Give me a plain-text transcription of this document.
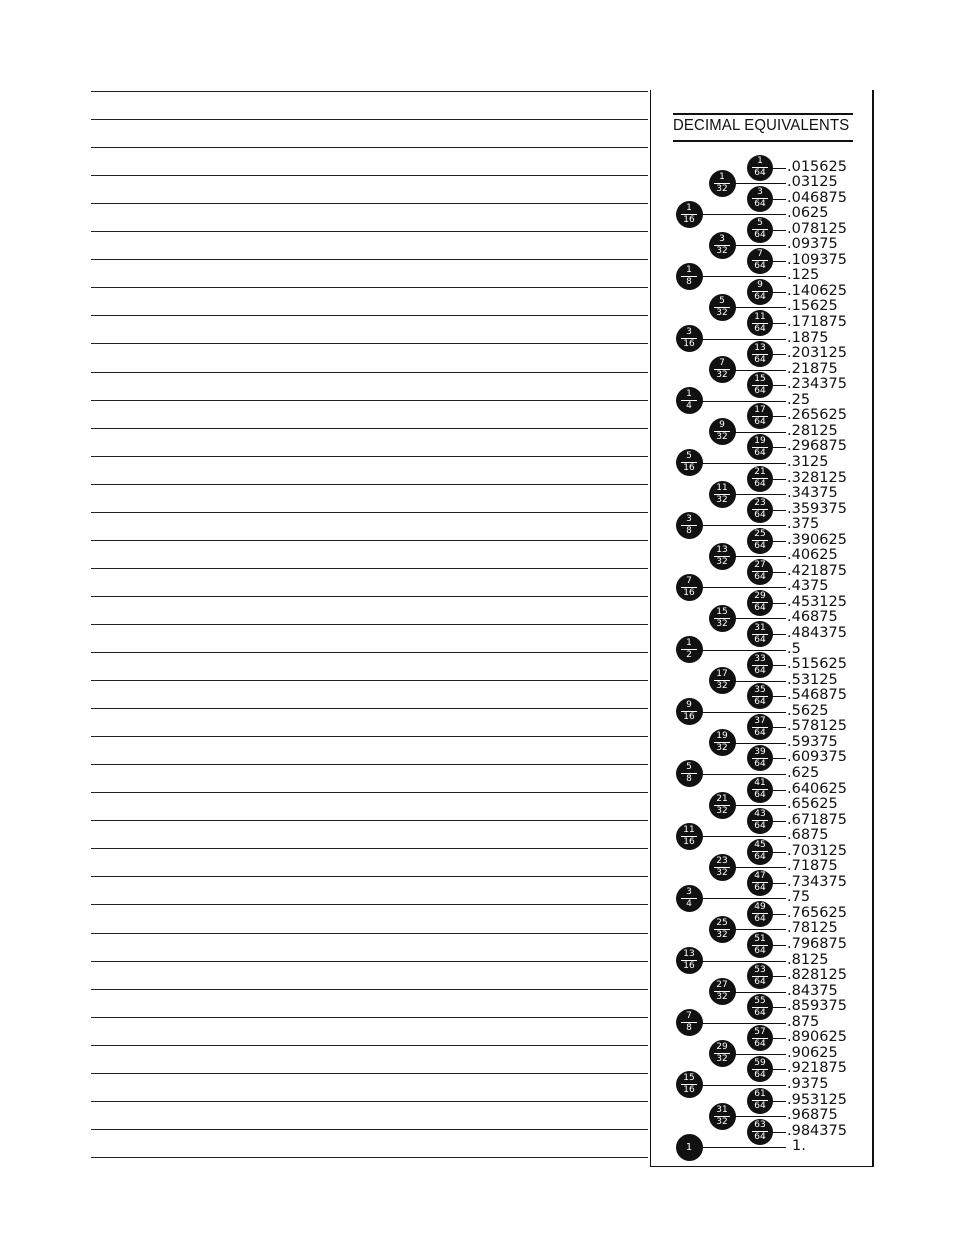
DECIMAL EQUIVALENTS
1
64 .015625
1
32	.03125
3
64 .046875
1
16	.0625
5
64 .078125
3
32	.09375
7
64 .109375
1
8	.125
9
64 .140625
5
32	.15625
11
64 .171875
3
16	.1875
13
64 .203125
7
32	.21875
15
64 .234375
1
4	.25
17
64 .265625
9
32	.28125
19
64 .296875
5
16	.3125
21
64 .328125
11
32	.34375
23
64 .359375
3
8	.375
25
64 .390625
13
32	.40625
27
64 .421875
7
16	.4375
29
64 .453125
15
32	.46875
31
64 .484375
1
2	.5
33
64 .515625
17
32	.53125
35
64 .546875
9
16	.5625
37
64 .578125
19
32	.59375
39
64 .609375
5
8	.625
41
64 .640625
21
32	.65625
43
64 .671875
11
16	.6875
45
64 .703125
23
32	.71875
47
64 .734375
3
4	.75
49
64 .765625
25
32	.78125
51
64 .796875
13
16	.8125
53
64 .828125
27
32	.84375
55
64 .859375
7
8	.875
57
64 .890625
29
32	.90625
59
64 .921875
15
16	.9375
61
64 .953125
31
32	.96875
63
64 .984375
1	1.
